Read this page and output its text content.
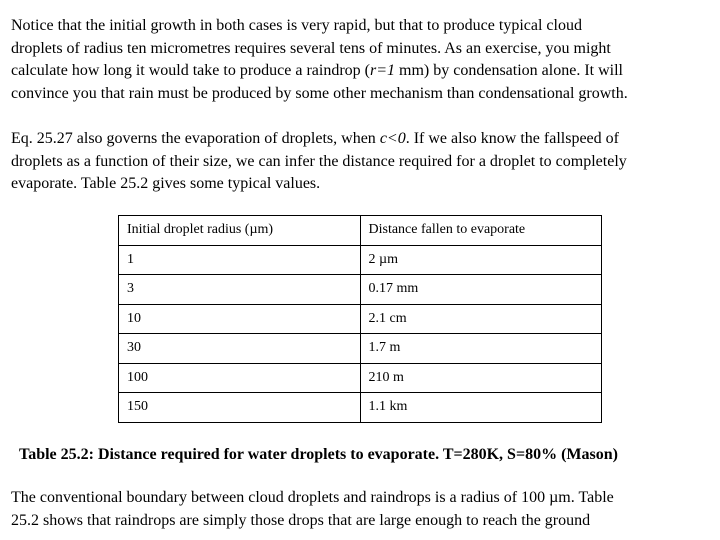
Notice that the initial growth in both cases is very rapid, but that to produce typical cloud
droplets of radius ten micrometres requires several tens of minutes. As an exercise, you might
calculate how long it would take to produce a raindrop (r=1 mm) by condensation alone. It will
convince you that rain must be produced by some other mechanism than condensational growth.
Eq. 25.27 also governs the evaporation of droplets, when c<0. If we also know the fallspeed of
droplets as a function of their size, we can infer the distance required for a droplet to completely
evaporate. Table 25.2 gives some typical values.
Initial droplet radius (µm)	Distance fallen to evaporate
1	2 µm
3	0.17 mm
10	2.1 cm
30	1.7 m
100	210 m
150	1.1 km

Table 25.2: Distance required for water droplets to evaporate. T=280K, S=80% (Mason)

The conventional boundary between cloud droplets and raindrops is a radius of 100 µm. Table
25.2 shows that raindrops are simply those drops that are large enough to reach the ground
